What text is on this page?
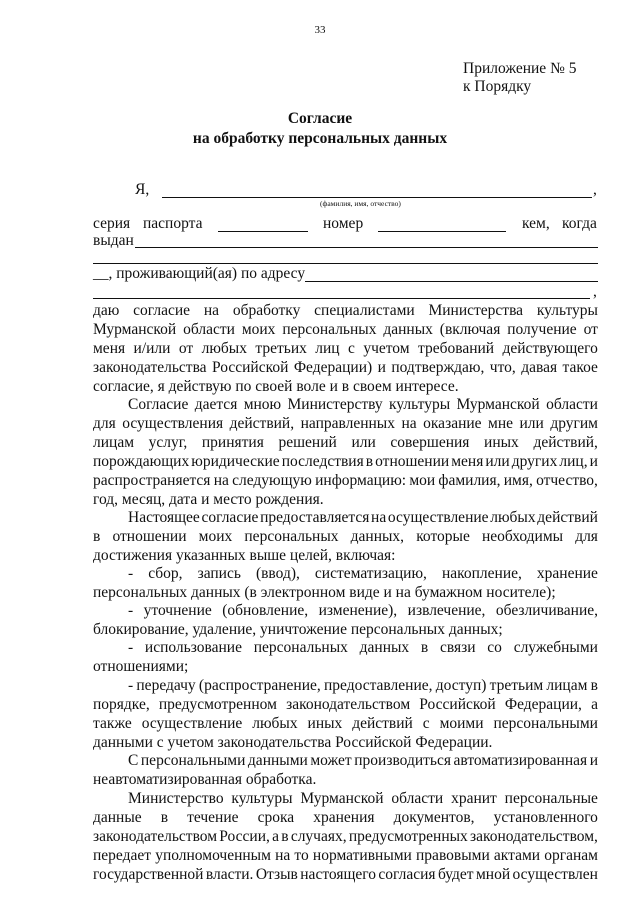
33
Приложение № 5
к Порядку
Согласие
на обработку персональных данных
Я,	,
(фамилия, имя, отчество)
серия паспорта	номер	кем, когда
выдан
__, проживающий(ая) по адресу
,
даю согласие на обработку специалистами Министерства культуры
Мурманской области моих персональных данных (включая получение от
меня и/или от любых третьих лиц с учетом требований действующего
законодательства Российской Федерации) и подтверждаю, что, давая такое
согласие, я действую по своей воле и в своем интересе.
Согласие дается мною Министерству культуры Мурманской области
для осуществления действий, направленных на оказание мне или другим
лицам услуг, принятия решений или совершения иных действий,
порождающих юридические последствия в отношении меня или других лиц, и
распространяется на следующую информацию: мои фамилия, имя, отчество,
год, месяц, дата и место рождения.
Настоящее согласие предоставляется на осуществление любых действий
в отношении моих персональных данных, которые необходимы для
достижения указанных выше целей, включая:
- сбор, запись (ввод), систематизацию, накопление, хранение
персональных данных (в электронном виде и на бумажном носителе);
- уточнение (обновление, изменение), извлечение, обезличивание,
блокирование, удаление, уничтожение персональных данных;
- использование персональных данных в связи со служебными
отношениями;
- передачу (распространение, предоставление, доступ) третьим лицам в
порядке, предусмотренном законодательством Российской Федерации, а
также осуществление любых иных действий с моими персональными
данными с учетом законодательства Российской Федерации.
С персональными данными может производиться автоматизированная и
неавтоматизированная обработка.
Министерство культуры Мурманской области хранит персональные
данные в течение срока хранения документов, установленного
законодательством России, а в случаях, предусмотренных законодательством,
передает уполномоченным на то нормативными правовыми актами органам
государственной власти. Отзыв настоящего согласия будет мной осуществлен
